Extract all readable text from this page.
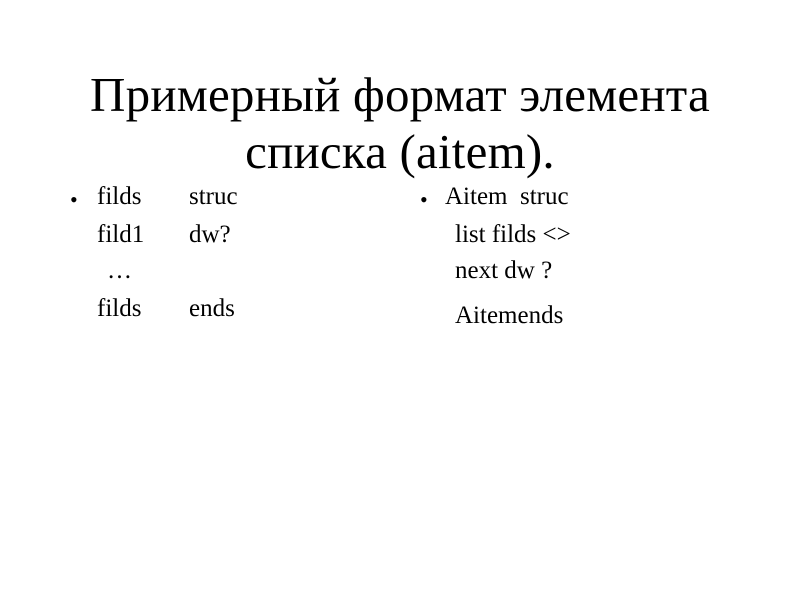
Примерный формат элемента
списка (aitem).
• filds struc
fild1 dw?
…
filds ends
• Aitem  struc
list filds <>
next dw ?
Aitemends
